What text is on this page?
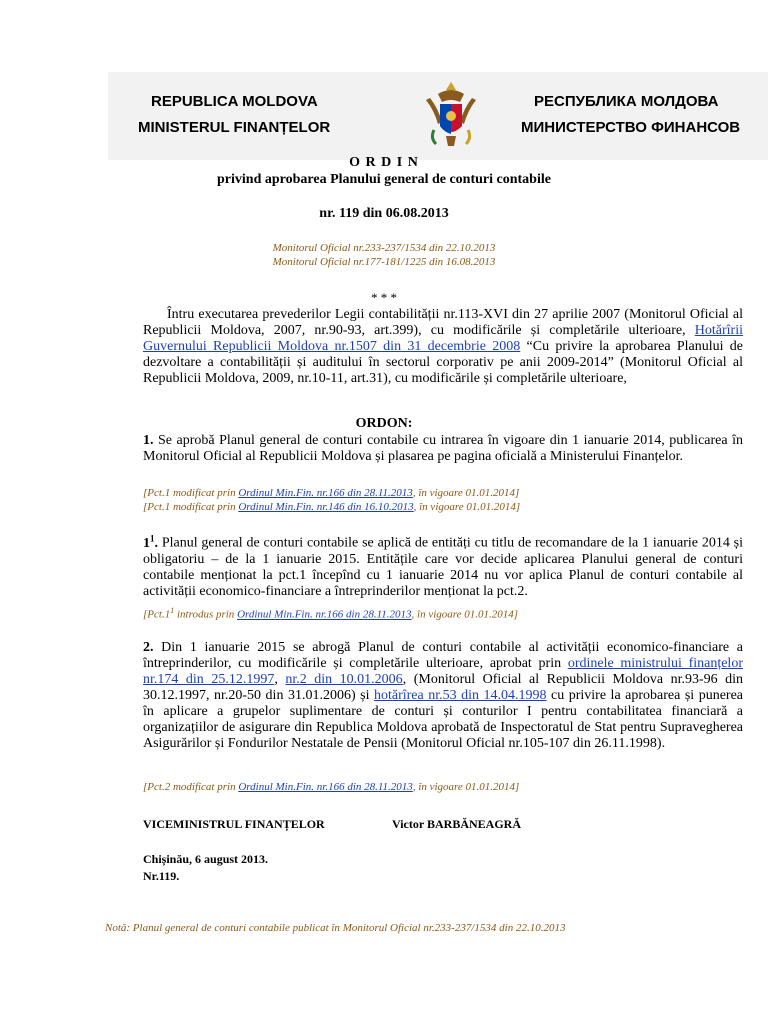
REPUBLICA MOLDOVA
MINISTERUL FINANȚELOR
РЕСПУБЛИКА МОЛДОВА
МИНИСТЕРСТВО ФИНАНСОВ
O R D I N
privind aprobarea Planului general de conturi contabile
nr. 119 din 06.08.2013
Monitorul Oficial nr.233-237/1534 din 22.10.2013
Monitorul Oficial nr.177-181/1225 din 16.08.2013
* * *
Întru executarea prevederilor Legii contabilității nr.113-XVI din 27 aprilie 2007 (Monitorul Oficial al Republicii Moldova, 2007, nr.90-93, art.399), cu modificările și completările ulterioare, Hotărîrii Guvernului Republicii Moldova nr.1507 din 31 decembrie 2008 “Cu privire la aprobarea Planului de dezvoltare a contabilității și auditului în sectorul corporativ pe anii 2009-2014” (Monitorul Oficial al Republicii Moldova, 2009, nr.10-11, art.31), cu modificările și completările ulterioare,
ORDON:
1. Se aprobă Planul general de conturi contabile cu intrarea în vigoare din 1 ianuarie 2014, publicarea în Monitorul Oficial al Republicii Moldova și plasarea pe pagina oficială a Ministerului Finanțelor.
[Pct.1 modificat prin Ordinul Min.Fin. nr.166 din 28.11.2013, în vigoare 01.01.2014]
[Pct.1 modificat prin Ordinul Min.Fin. nr.146 din 16.10.2013, în vigoare 01.01.2014]
$1^1$. Planul general de conturi contabile se aplică de entități cu titlu de recomandare de la 1 ianuarie 2014 și obligatoriu – de la 1 ianuarie 2015. Entitățile care vor decide aplicarea Planului general de conturi contabile menționat la pct.1 începînd cu 1 ianuarie 2014 nu vor aplica Planul de conturi contabile al activității economico-financiare a întreprinderilor menționat la pct.2.
[$Pct.1^1$ introdus prin Ordinul Min.Fin. nr.166 din 28.11.2013, în vigoare 01.01.2014]
2. Din 1 ianuarie 2015 se abrogă Planul de conturi contabile al activității economico-financiare a întreprinderilor, cu modificările și completările ulterioare, aprobat prin ordinele ministrului finanțelor nr.174 din 25.12.1997, nr.2 din 10.01.2006, (Monitorul Oficial al Republicii Moldova nr.93-96 din 30.12.1997, nr.20-50 din 31.01.2006) și hotărîrea nr.53 din 14.04.1998 cu privire la aprobarea și punerea în aplicare a grupelor suplimentare de conturi și conturilor I pentru contabilitatea financiară a organizațiilor de asigurare din Republica Moldova aprobată de Inspectoratul de Stat pentru Supravegherea Asigurărilor și Fondurilor Nestatale de Pensii (Monitorul Oficial nr.105-107 din 26.11.1998).
[Pct.2 modificat prin Ordinul Min.Fin. nr.166 din 28.11.2013, în vigoare 01.01.2014]
VICEMINISTRUL FINANȚELOR	Victor BARBĂNEAGRĂ
Chișinău, 6 august 2013.
Nr.119.
Notă: Planul general de conturi contabile publicat în Monitorul Oficial nr.233-237/1534 din 22.10.2013
